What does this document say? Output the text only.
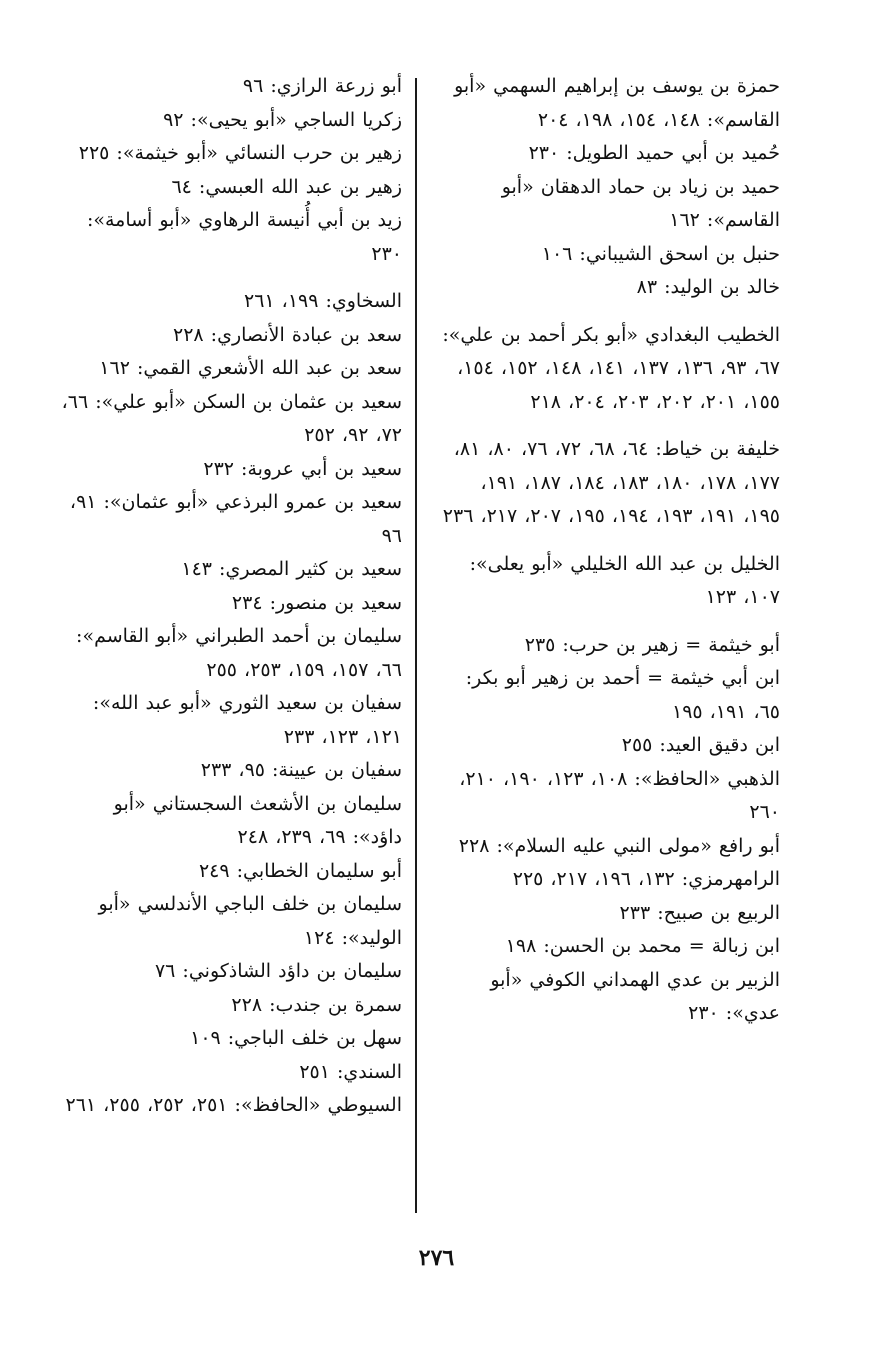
حمزة بن يوسف بن إبراهيم السهمي «أبو القاسم»: ١٤٨، ١٥٤، ١٩٨، ٢٠٤

حُميد بن أبي حميد الطويل: ٢٣٠

حميد بن زياد بن حماد الدهقان «أبو القاسم»: ١٦٢

حنبل بن اسحق الشيباني: ١٠٦

خالد بن الوليد: ٨٣

الخطيب البغدادي «أبو بكر أحمد بن علي»: ٦٧، ٩٣، ١٣٦، ١٣٧، ١٤١، ١٤٨، ١٥٢، ١٥٤، ١٥٥، ٢٠١، ٢٠٢، ٢٠٣، ٢٠٤، ٢١٨

خليفة بن خياط: ٦٤، ٦٨، ٧٢، ٧٦، ٨٠، ٨١، ١٧٧، ١٧٨، ١٨٠، ١٨٣، ١٨٤، ١٨٧، ١٩١، ١٩٥، ١٩١، ١٩٣، ١٩٤، ١٩٥، ٢٠٧، ٢١٧، ٢٣٦

الخليل بن عبد الله الخليلي «أبو يعلى»: ١٠٧، ١٢٣

أبو خيثمة = زهير بن حرب: ٢٣٥

ابن أبي خيثمة = أحمد بن زهير أبو بكر: ٦٥، ١٩١، ١٩٥

ابن دقيق العيد: ٢٥٥

الذهبي «الحافظ»: ١٠٨، ١٢٣، ١٩٠، ٢١٠، ٢٦٠

أبو رافع «مولى النبي عليه السلام»: ٢٢٨

الرامهرمزي: ١٣٢، ١٩٦، ٢١٧، ٢٢٥

الربيع بن صبيح: ٢٣٣

ابن زبالة = محمد بن الحسن: ١٩٨

الزبير بن عدي الهمداني الكوفي «أبو عدي»: ٢٣٠

أبو زرعة الرازي: ٩٦

زكريا الساجي «أبو يحيى»: ٩٢

زهير بن حرب النسائي «أبو خيثمة»: ٢٢٥

زهير بن عبد الله العبسي: ٦٤

زيد بن أبي أُنيسة الرهاوي «أبو أسامة»: ٢٣٠

السخاوي: ١٩٩، ٢٦١

سعد بن عبادة الأنصاري: ٢٢٨

سعد بن عبد الله الأشعري القمي: ١٦٢

سعيد بن عثمان بن السكن «أبو علي»: ٦٦، ٧٢، ٩٢، ٢٥٢

سعيد بن أبي عروبة: ٢٣٢

سعيد بن عمرو البرذعي «أبو عثمان»: ٩١، ٩٦

سعيد بن كثير المصري: ١٤٣

سعيد بن منصور: ٢٣٤

سليمان بن أحمد الطبراني «أبو القاسم»: ٦٦، ١٥٧، ١٥٩، ٢٥٣، ٢٥٥

سفيان بن سعيد الثوري «أبو عبد الله»: ١٢١، ١٢٣، ٢٣٣

سفيان بن عيينة: ٩٥، ٢٣٣

سليمان بن الأشعث السجستاني «أبو داؤد»: ٦٩، ٢٣٩، ٢٤٨

أبو سليمان الخطابي: ٢٤٩

سليمان بن خلف الباجي الأندلسي «أبو الوليد»: ١٢٤

سليمان بن داؤد الشاذكوني: ٧٦

سمرة بن جندب: ٢٢٨

سهل بن خلف الباجي: ١٠٩

السندي: ٢٥١

السيوطي «الحافظ»: ٢٥١، ٢٥٢، ٢٥٥، ٢٦١

٢٧٦
